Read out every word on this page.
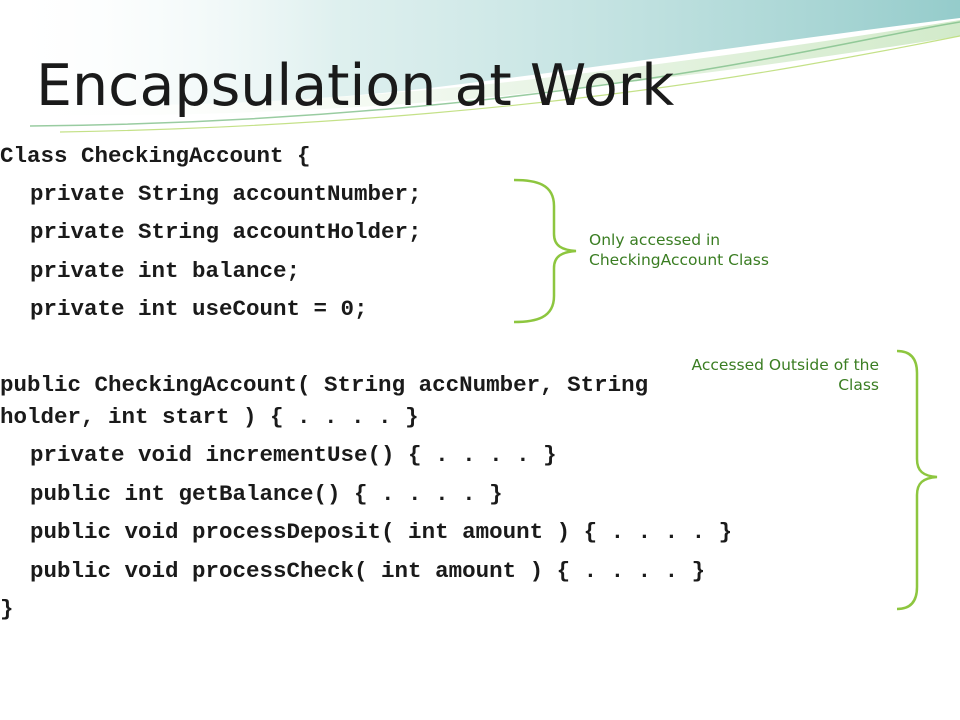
Encapsulation at Work
Class CheckingAccount {
private String accountNumber;
private String accountHolder;
private int balance;
private int useCount = 0;
public CheckingAccount( String accNumber, String
holder, int start ) { . . . . }
private void incrementUse() { . . . . }
public int getBalance() { . . . . }
public void processDeposit( int amount ) { . . . . }
public void processCheck( int amount ) { . . . . }
}
Only accessed in
CheckingAccount Class
Accessed Outside of the
Class
